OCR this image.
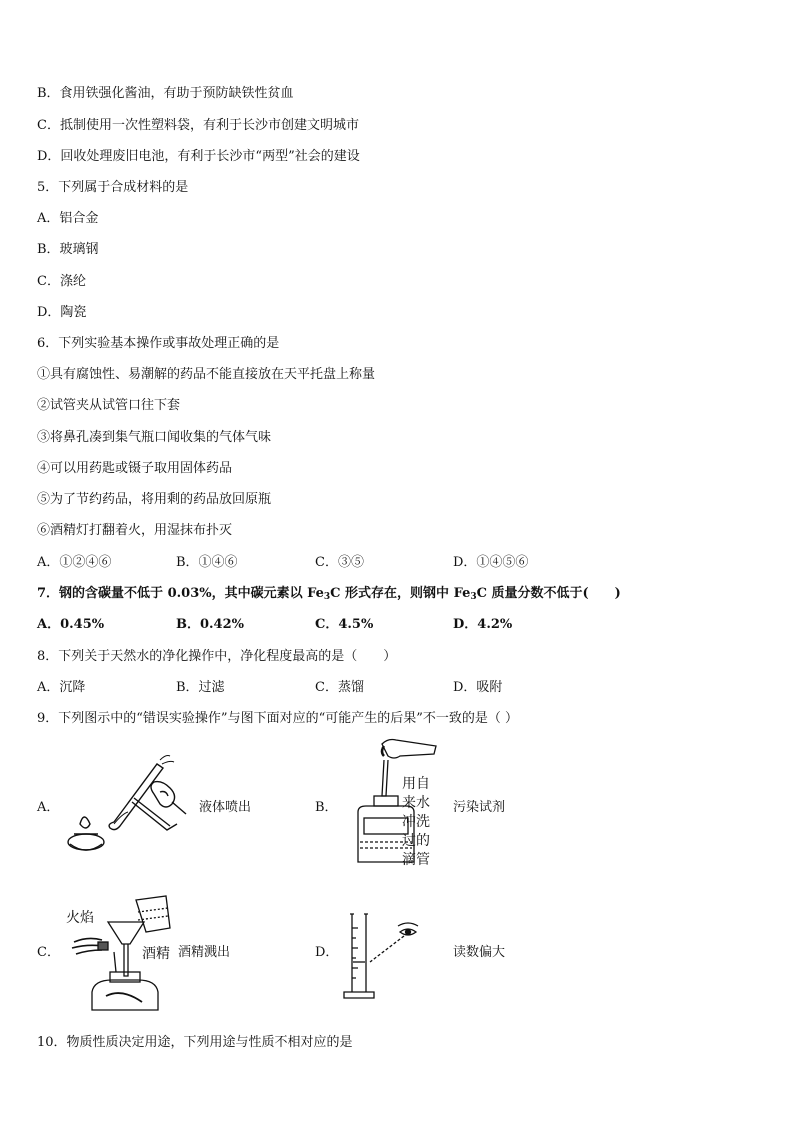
B．食用铁强化酱油，有助于预防缺铁性贫血
C．抵制使用一次性塑料袋，有利于长沙市创建文明城市
D．回收处理废旧电池，有利于长沙市“两型”社会的建设
5．下列属于合成材料的是
A．铝合金
B．玻璃钢
C．涤纶
D．陶瓷
6．下列实验基本操作或事故处理正确的是
①具有腐蚀性、易潮解的药品不能直接放在天平托盘上称量
②试管夹从试管口往下套
③将鼻孔凑到集气瓶口闻收集的气体气味
④可以用药匙或镊子取用固体药品
⑤为了节约药品，将用剩的药品放回原瓶
⑥酒精灯打翻着火，用湿抹布扑灭
A．①②④⑥	B．①④⑥	C．③⑤	D．①④⑤⑥
7．钢的含碳量不低于 0.03%，其中碳元素以 $Fe_3C$ 形式存在，则钢中 $Fe_3C$ 质量分数不低于(　　)
A．0.45%	B．0.42%	C．4.5%	D．4.2%
8．下列关于天然水的净化操作中，净化程度最高的是（　　）
A．沉降	B．过滤	C．蒸馏	D．吸附
9．下列图示中的“错误实验操作”与图下面对应的“可能产生的后果”不一致的是（ ）
A．	液体喷出	B．
用自
来水
冲洗
过的
滴管
污染试剂
C．
火焰
酒精 酒精溅出	D．	读数偏大
10．物质性质决定用途，下列用途与性质不相对应的是
